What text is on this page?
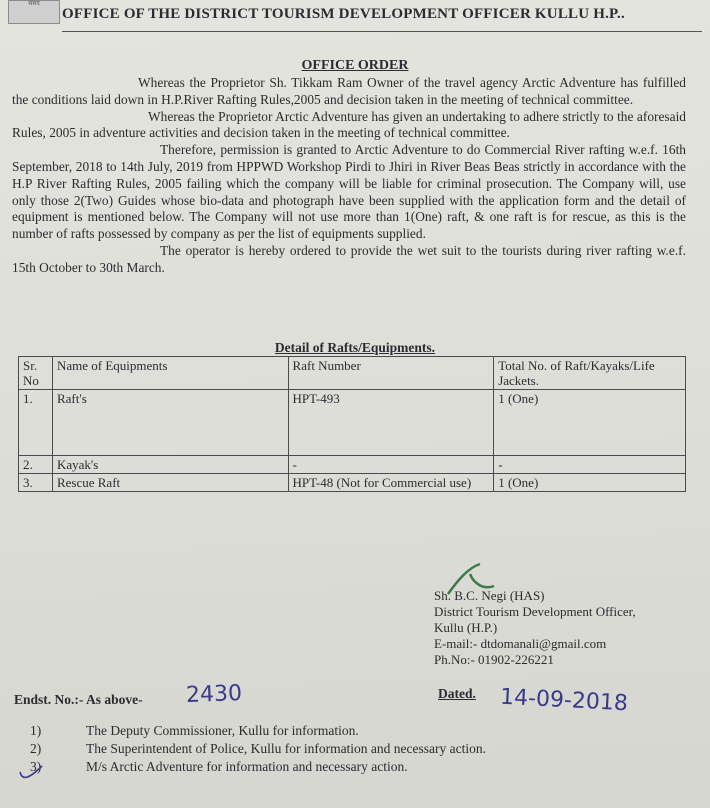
संसद
OFFICE OF THE DISTRICT TOURISM DEVELOPMENT OFFICER KULLU H.P..
OFFICE ORDER

Whereas the Proprietor Sh. Tikkam Ram Owner of the travel agency Arctic Adventure has fulfilled the conditions laid down in H.P.River Rafting Rules,2005 and decision taken in the meeting of technical committee.

Whereas the Proprietor Arctic Adventure has given an undertaking to adhere strictly to the aforesaid Rules, 2005 in adventure activities and decision taken in the meeting of technical committee.

Therefore, permission is granted to Arctic Adventure to do Commercial River rafting w.e.f. 16th September, 2018 to 14th July, 2019 from HPPWD Workshop Pirdi to Jhiri in River Beas Beas strictly in accordance with the H.P River Rafting Rules, 2005 failing which the company will be liable for criminal prosecution. The Company will, use only those 2(Two) Guides whose bio-data and photograph have been supplied with the application form and the detail of equipment is mentioned below. The Company will not use more than 1(One) raft, & one raft is for rescue, as this is the number of rafts possessed by company as per the list of equipments supplied.

The operator is hereby ordered to provide the wet suit to the tourists during river rafting w.e.f. 15th October to 30th March.

Detail of Rafts/Equipments.
Sr. No	Name of Equipments	Raft Number	Total No. of Raft/Kayaks/Life Jackets.
1.	Raft's	HPT-493	1 (One)
2.	Kayak's	-	-
3.	Rescue Raft	HPT-48 (Not for Commercial use)	1 (One)
Sh. B.C. Negi (HAS)
District Tourism Development Officer,
Kullu (H.P.)
E-mail:- dtdomanali@gmail.com
Ph.No:- 01902-226221
Endst. No.:- As above- 2430	Dated. 14-09-2018
1)	The Deputy Commissioner, Kullu for information.
2)	The Superintendent of Police, Kullu for information and necessary action.
3)	M/s Arctic Adventure for information and necessary action.
